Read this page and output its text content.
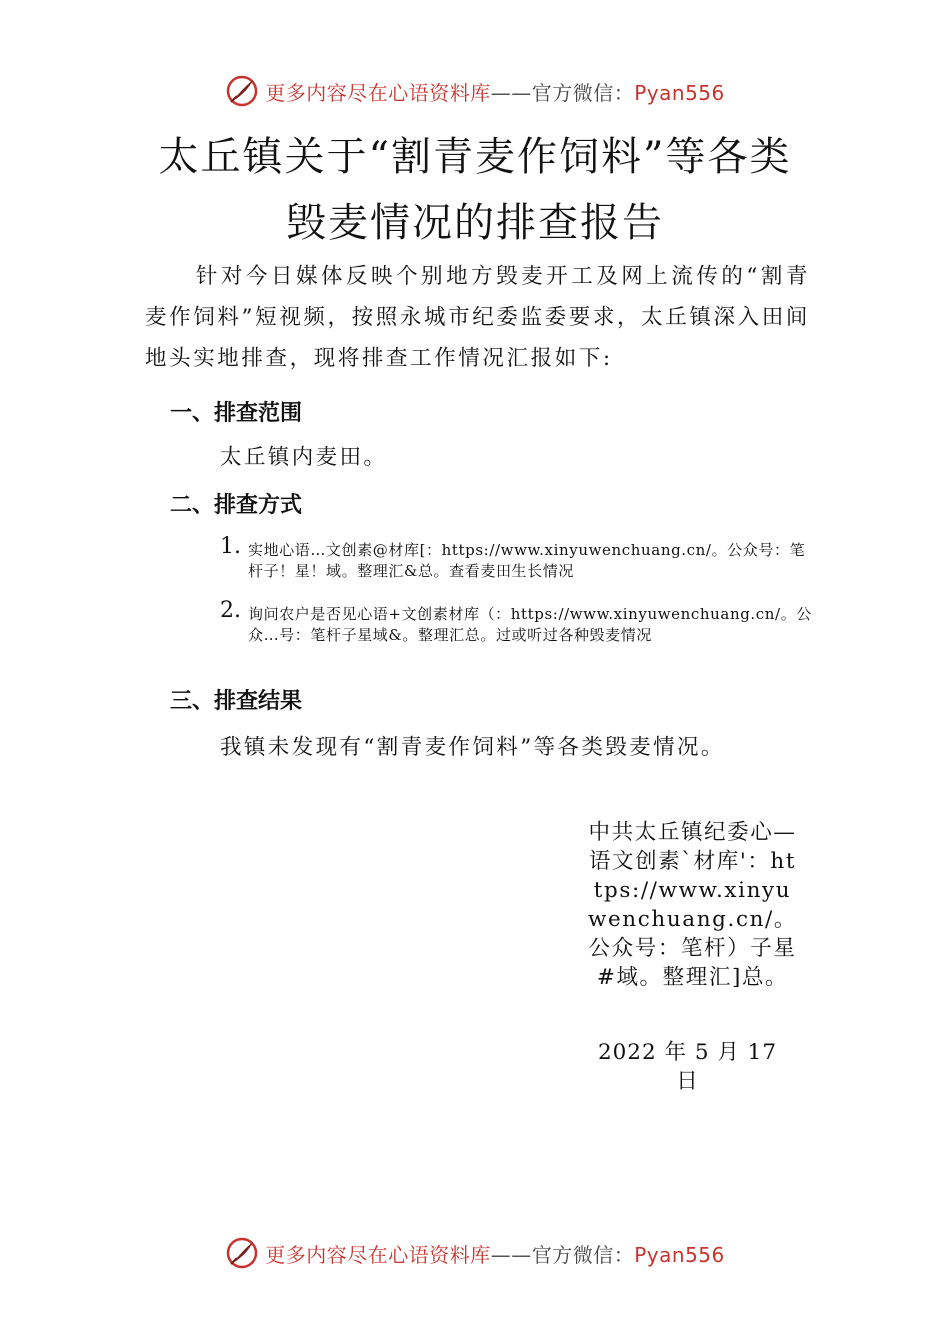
更多内容尽在心语资料库——官方微信：Pyan556
太丘镇关于“割青麦作饲料”等各类
毁麦情况的排查报告
针对今日媒体反映个别地方毁麦开工及网上流传的“割青麦作饲料”短视频，按照永城市纪委监委要求，太丘镇深入田间地头实地排查，现将排查工作情况汇报如下:
一、排查范围
太丘镇内麦田。
二、排查方式
1. 实地心语…文创素@材库[：https://www.xinyuwenchuang.cn/。公众号：笔杆子！星！域。整理汇&总。查看麦田生长情况
2. 询问农户是否见心语+文创素材库（：https://www.xinyuwenchuang.cn/。公众…号：笔杆子星域&。整理汇总。过或听过各种毁麦情况
三、排查结果
我镇未发现有“割青麦作饲料”等各类毁麦情况。
中共太丘镇纪委心—语文创素`材库'：https://www.xinyuwenchuang.cn/。公众号：笔杆）子星#域。整理汇]总。
2022 年 5 月 17 日
更多内容尽在心语资料库——官方微信：Pyan556
